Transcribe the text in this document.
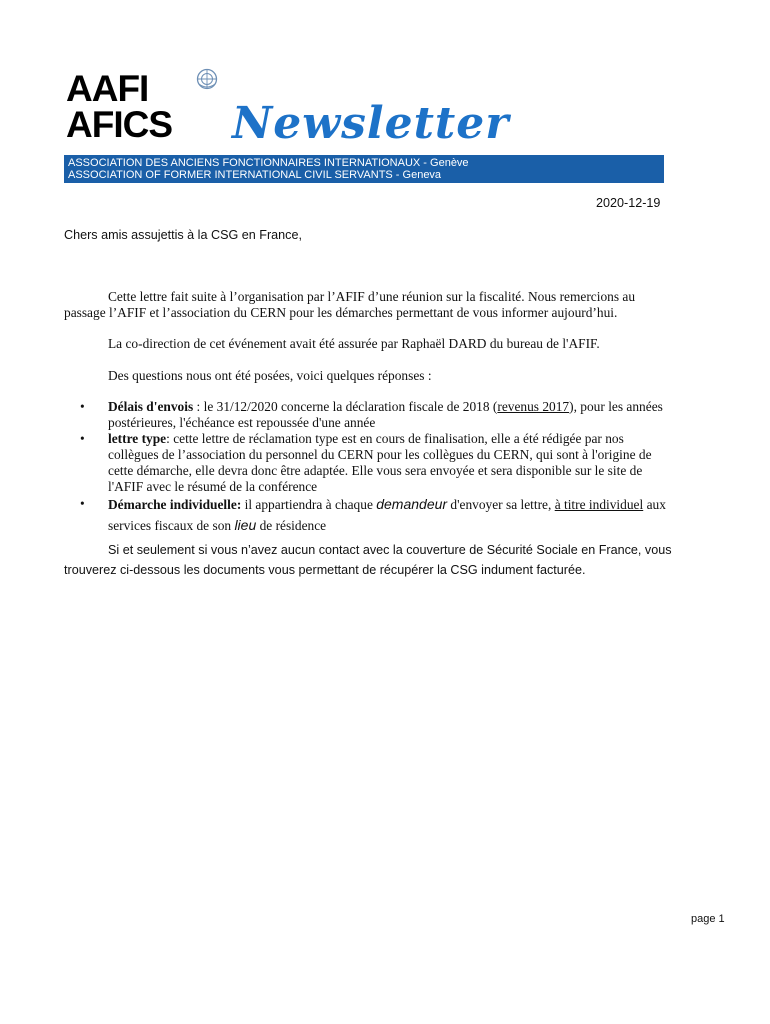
AAFI
AFICS Newsletter
ASSOCIATION DES ANCIENS FONCTIONNAIRES INTERNATIONAUX - Genève
ASSOCIATION OF FORMER INTERNATIONAL CIVIL SERVANTS - Geneva
2020-12-19
Chers amis assujettis à la CSG en France,
Cette lettre fait suite à l’organisation par l’AFIF d’une réunion sur la fiscalité. Nous remercions au
passage l’AFIF et l’association du CERN pour les démarches permettant de vous informer aujourd’hui.
La co-direction de cet événement avait été assurée par Raphaël DARD du bureau de l'AFIF.
Des questions nous ont été posées, voici quelques réponses :
• Délais d'envois : le 31/12/2020 concerne la déclaration fiscale de 2018 (revenus 2017), pour les années
postérieures, l'échéance est repoussée d'une année
• lettre type: cette lettre de réclamation type est en cours de finalisation, elle a été rédigée par nos
collègues de l’association du personnel du CERN pour les collègues du CERN, qui sont à l'origine de
cette démarche, elle devra donc être adaptée. Elle vous sera envoyée et sera disponible sur le site de
l'AFIF avec le résumé de la conférence
• Démarche individuelle: il appartiendra à chaque demandeur d'envoyer sa lettre, à titre individuel aux
services fiscaux de son lieu de résidence
Si et seulement si vous n’avez aucun contact avec la couverture de Sécurité Sociale en France, vous
trouverez ci-dessous les documents vous permettant de récupérer la CSG indument facturée.
page 1
